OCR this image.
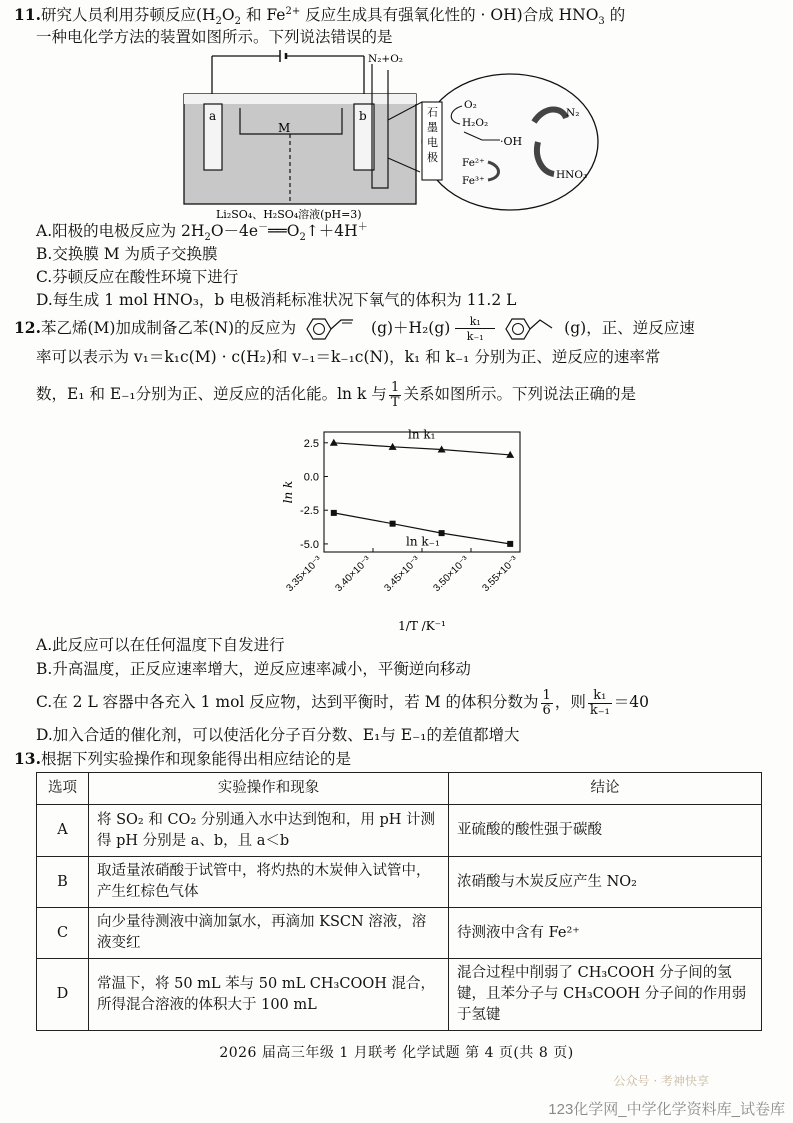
11.研究人员利用芬顿反应($H_2O_2$ 和 $Fe^{2+}$ 反应生成具有强氧化性的 · OH)合成 $HNO_3$ 的
一种电化学方法的装置如图所示。下列说法错误的是
M
a	b
N₂+O₂
Li₂SO₄、H₂SO₄溶液(pH=3)
石墨电极
O₂
H₂O₂
·OH
N₂
HNO₃
Fe²⁺
Fe³⁺
A.阳极的电极反应为 $2H_2O-4e^-══O_2↑+4H^+$
B.交换膜 M 为质子交换膜
C.芬顿反应在酸性环境下进行
D.每生成 1 mol HNO₃，b 电极消耗标准状况下氧气的体积为 11.2 L
12.苯乙烯(M)加成制备乙苯(N)的反应为	$(g)+H_2(g) \frac{\text{k₁}}{\text{k₋₁}}$	(g)，正、逆反应速
率可以表示为 v₁＝k₁c(M) · c(H₂)和 v₋₁＝k₋₁c(N)，k₁ 和 k₋₁ 分别为正、逆反应的速率常
数，E₁ 和 E₋₁分别为正、逆反应的活化能。ln k 与 $\frac{1}{T}$ 关系如图所示。下列说法正确的是
2.5
0.0
-2.5
-5.0
3.35×10⁻³ 3.40×10⁻³ 3.45×10⁻³ 3.50×10⁻³ 3.55×10⁻³
ln k
1/T /K⁻¹
ln k₁
ln k₋₁
A.此反应可以在任何温度下自发进行
B.升高温度，正反应速率增大，逆反应速率减小，平衡逆向移动
C.在 2 L 容器中各充入 1 mol 反应物，达到平衡时，若 M 的体积分数为 $\frac{1}{6}$ ，则 $\frac{\text{k₁}}{\text{k₋₁}} =40$
D.加入合适的催化剂，可以使活化分子百分数、E₁与 E₋₁的差值都增大
13.根据下列实验操作和现象能得出相应结论的是
选项	实验操作和现象	结论
A	将 SO₂ 和 CO₂ 分别通入水中达到饱和，用 pH 计测得 pH 分别是 a、b，且 a＜b	亚硫酸的酸性强于碳酸
B	取适量浓硝酸于试管中，将灼热的木炭伸入试管中，产生红棕色气体	浓硝酸与木炭反应产生 NO₂
C	向少量待测液中滴加氯水，再滴加 KSCN 溶液，溶液变红	待测液中含有 Fe²⁺
D	常温下，将 50 mL 苯与 50 mL CH₃COOH 混合，所得混合溶液的体积大于 100 mL	混合过程中削弱了 CH₃COOH 分子间的氢键，且苯分子与 CH₃COOH 分子间的作用弱于氢键
2026 届高三年级 1 月联考 化学试题 第 4 页(共 8 页)
公众号 · 考神快享
123化学网_中学化学资料库_试卷库
